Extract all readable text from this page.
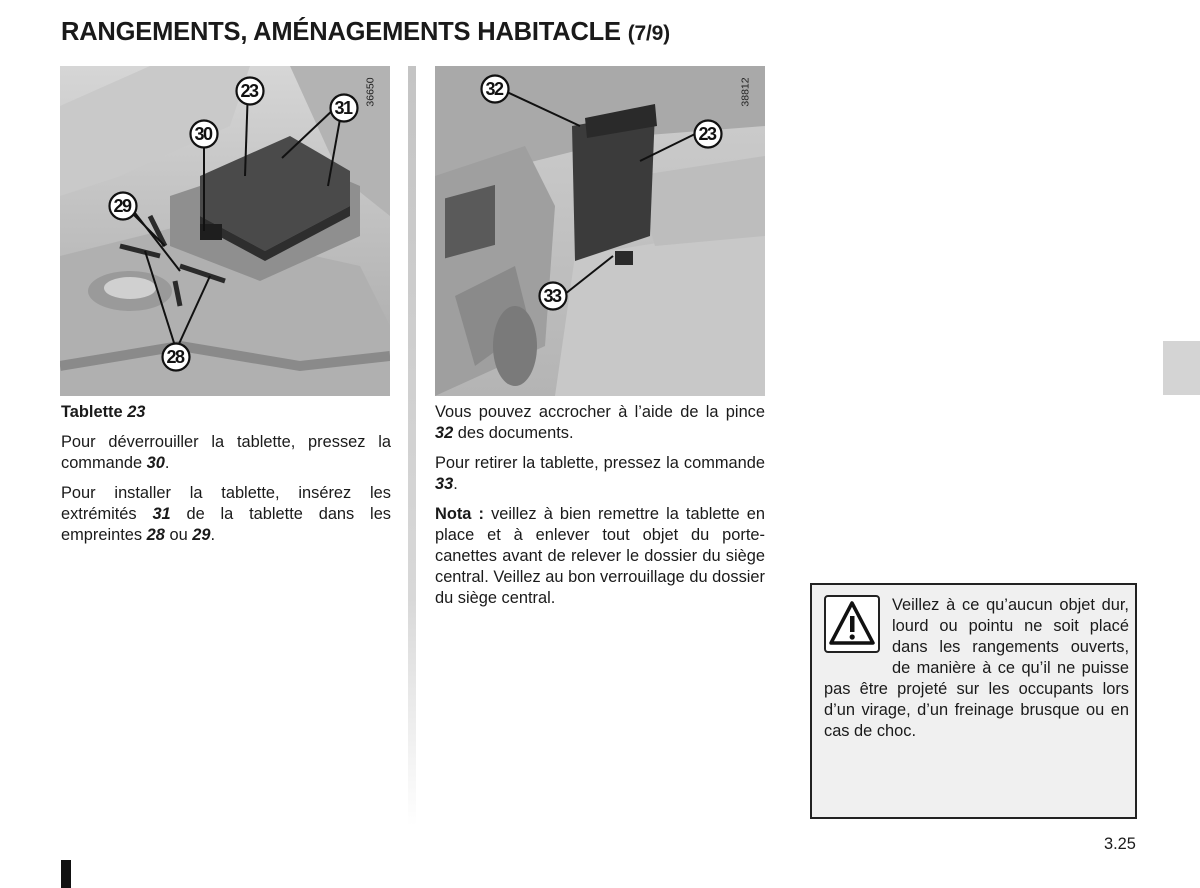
RANGEMENTS, AMÉNAGEMENTS HABITACLE (7/9)
23
31
30
29
28
36650	32
23
33
38812

Tablette 23

Pour déverrouiller la tablette, pressez la commande 30.

Pour installer la tablette, insérez les extrémités 31 de la tablette dans les empreintes 28 ou 29.

Vous pouvez accrocher à l’aide de la pince 32 des documents.

Pour retirer la tablette, pressez la commande 33.

Nota : veillez à bien remettre la tablette en place et à enlever tout objet du porte-canettes avant de relever le dossier du siège central. Veillez au bon verrouillage du dossier du siège central.	Veillez à ce qu’aucun objet dur, lourd ou pointu ne soit placé dans les rangements ouverts, de manière à ce qu’il ne puisse pas être projeté sur les occupants lors d’un virage, d’un freinage brusque ou en cas de choc.
3.25
